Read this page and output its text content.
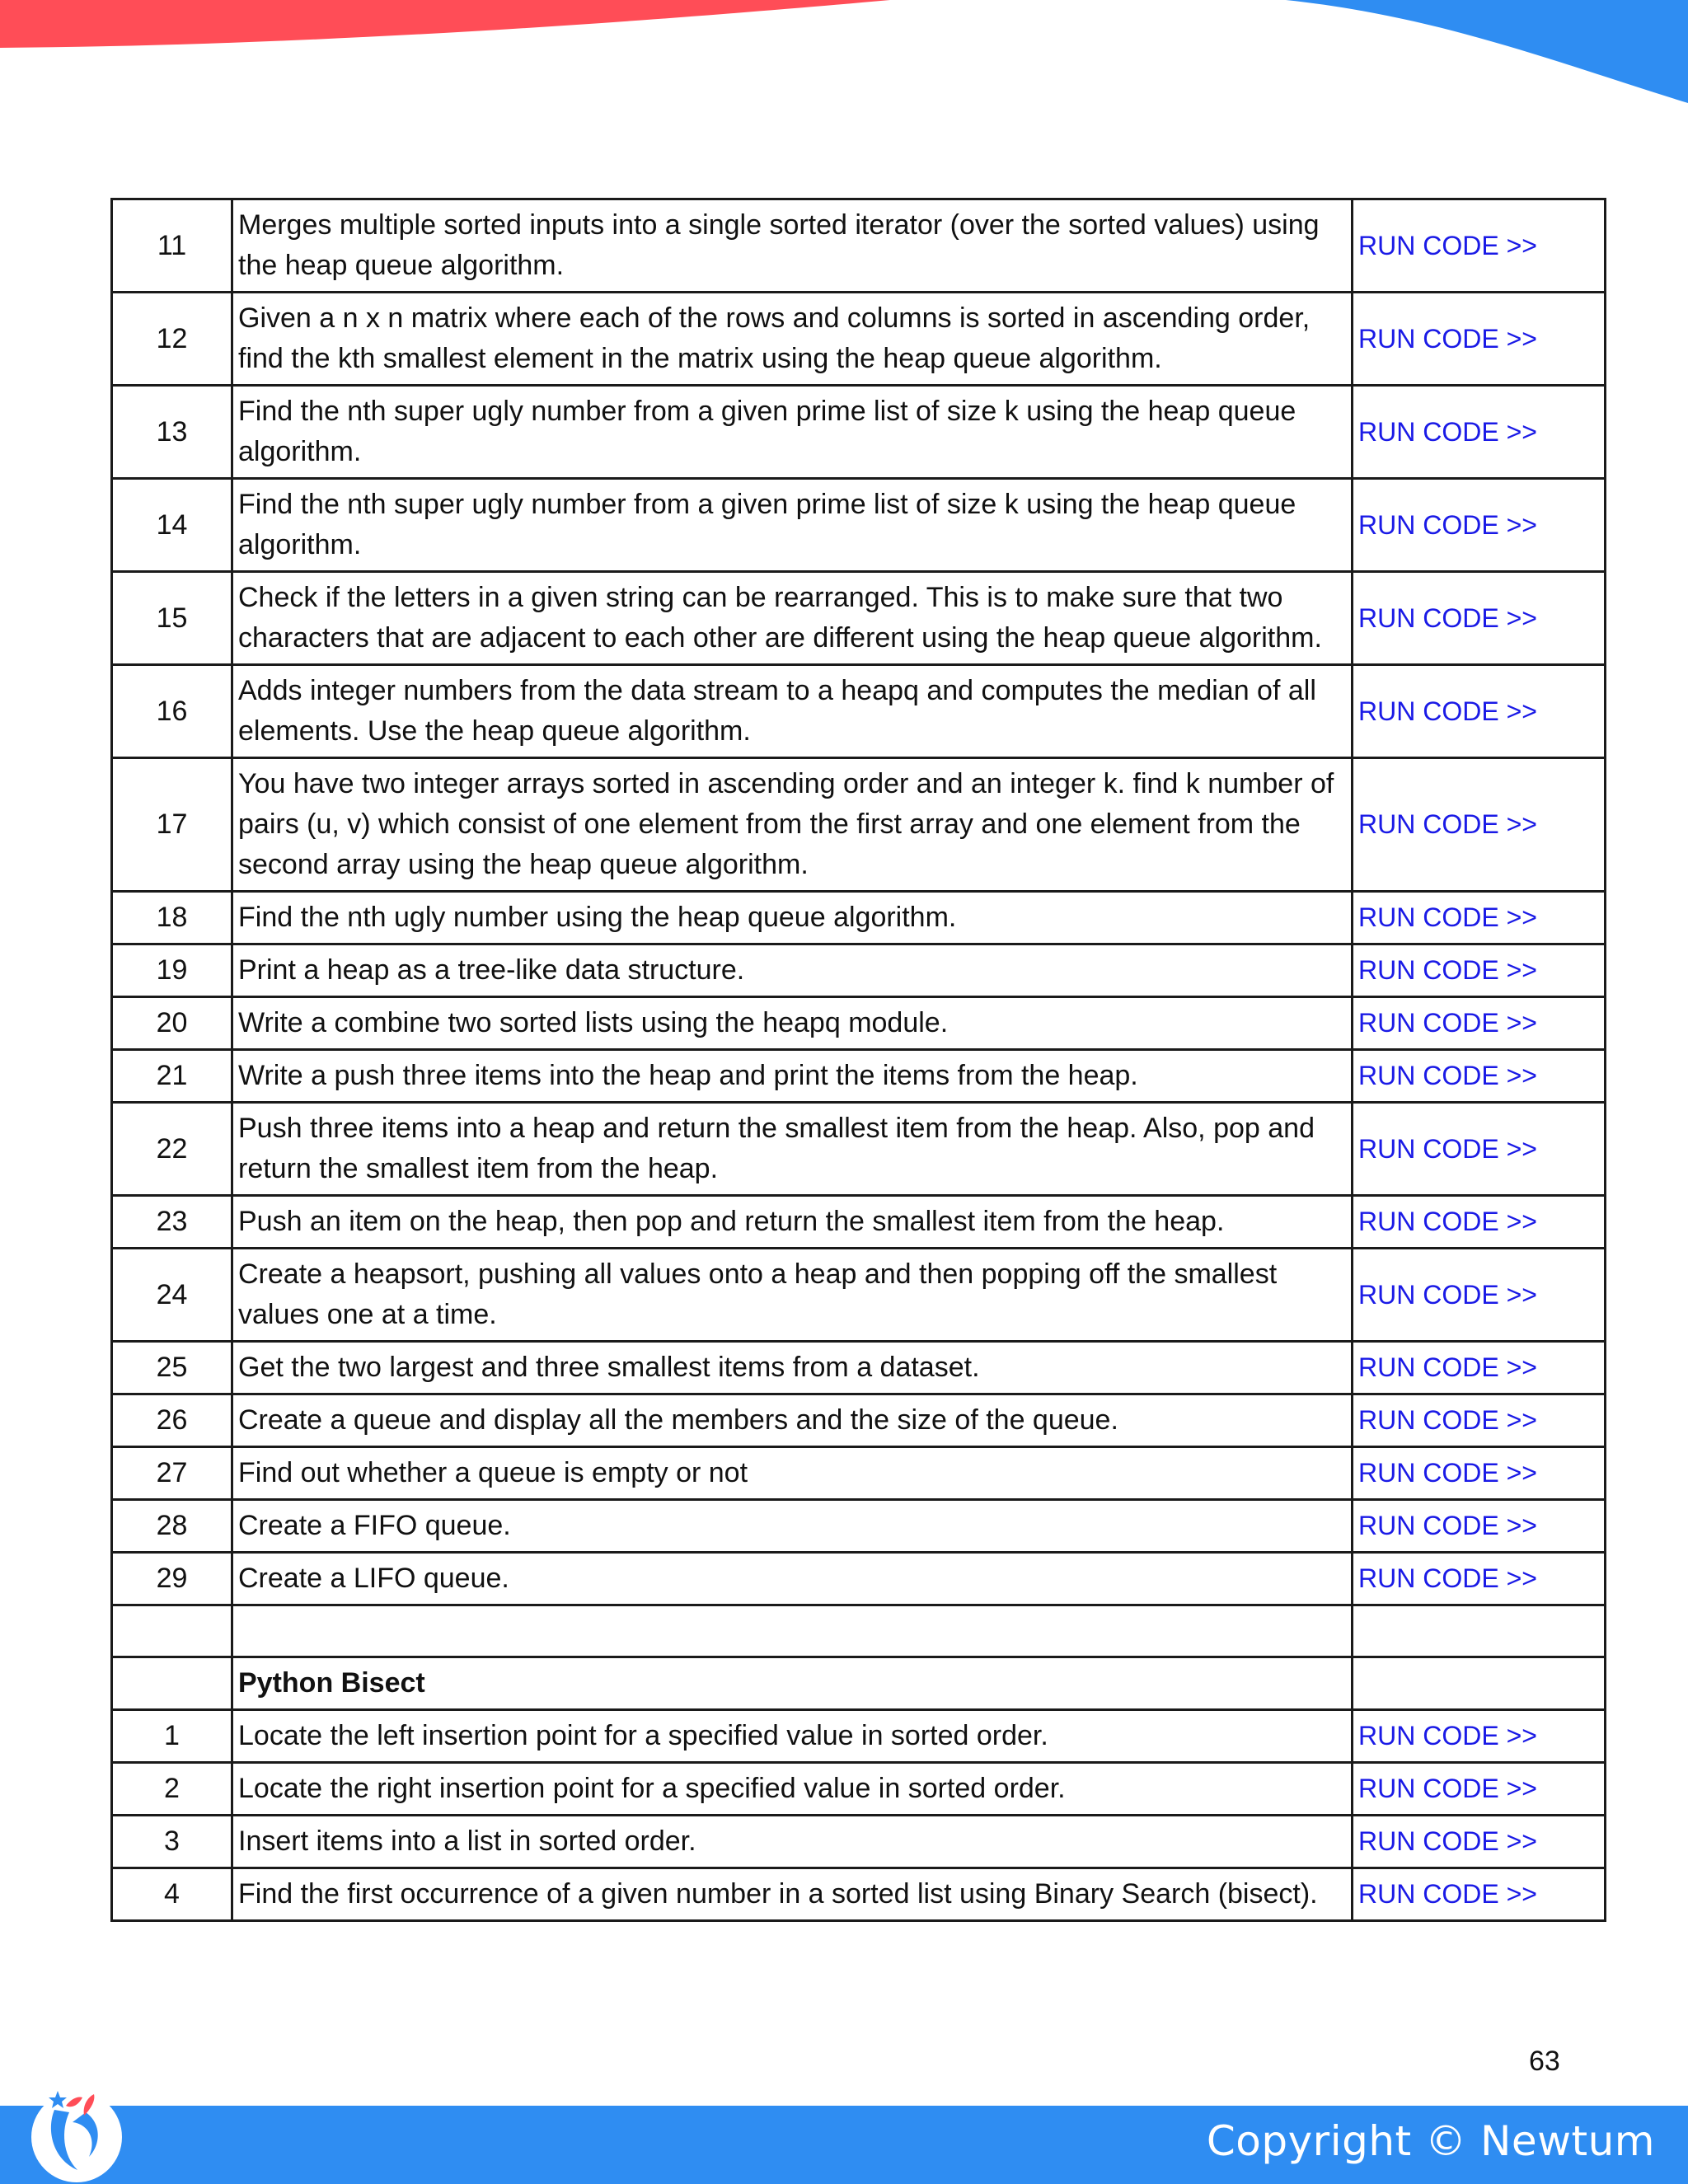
11	Merges multiple sorted inputs into a single sorted iterator (over the sorted values) using the heap queue algorithm.	RUN CODE >>
12	Given a n x n matrix where each of the rows and columns is sorted in ascending order, find the kth smallest element in the matrix using the heap queue algorithm.	RUN CODE >>
13	Find the nth super ugly number from a given prime list of size k using the heap queue algorithm.	RUN CODE >>
14	Find the nth super ugly number from a given prime list of size k using the heap queue algorithm.	RUN CODE >>
15	Check if the letters in a given string can be rearranged. This is to make sure that two characters that are adjacent to each other are different using the heap queue algorithm.	RUN CODE >>
16	Adds integer numbers from the data stream to a heapq and computes the median of all elements. Use the heap queue algorithm.	RUN CODE >>
17	You have two integer arrays sorted in ascending order and an integer k. find k number of pairs (u, v) which consist of one element from the first array and one element from the second array using the heap queue algorithm.	RUN CODE >>
18	Find the nth ugly number using the heap queue algorithm.	RUN CODE >>
19	Print a heap as a tree-like data structure.	RUN CODE >>
20	Write a combine two sorted lists using the heapq module.	RUN CODE >>
21	Write a push three items into the heap and print the items from the heap.	RUN CODE >>
22	Push three items into a heap and return the smallest item from the heap. Also, pop and return the smallest item from the heap.	RUN CODE >>
23	Push an item on the heap, then pop and return the smallest item from the heap.	RUN CODE >>
24	Create a heapsort, pushing all values onto a heap and then popping off the smallest values one at a time.	RUN CODE >>
25	Get the two largest and three smallest items from a dataset.	RUN CODE >>
26	Create a queue and display all the members and the size of the queue.	RUN CODE >>
27	Find out whether a queue is empty or not	RUN CODE >>
28	Create a FIFO queue.	RUN CODE >>
29	Create a LIFO queue.	RUN CODE >>

	Python Bisect	
1	Locate the left insertion point for a specified value in sorted order.	RUN CODE >>
2	Locate the right insertion point for a specified value in sorted order.	RUN CODE >>
3	Insert items into a list in sorted order.	RUN CODE >>
4	Find the first occurrence of a given number in a sorted list using Binary Search (bisect).	RUN CODE >>
63
Copyright © Newtum
